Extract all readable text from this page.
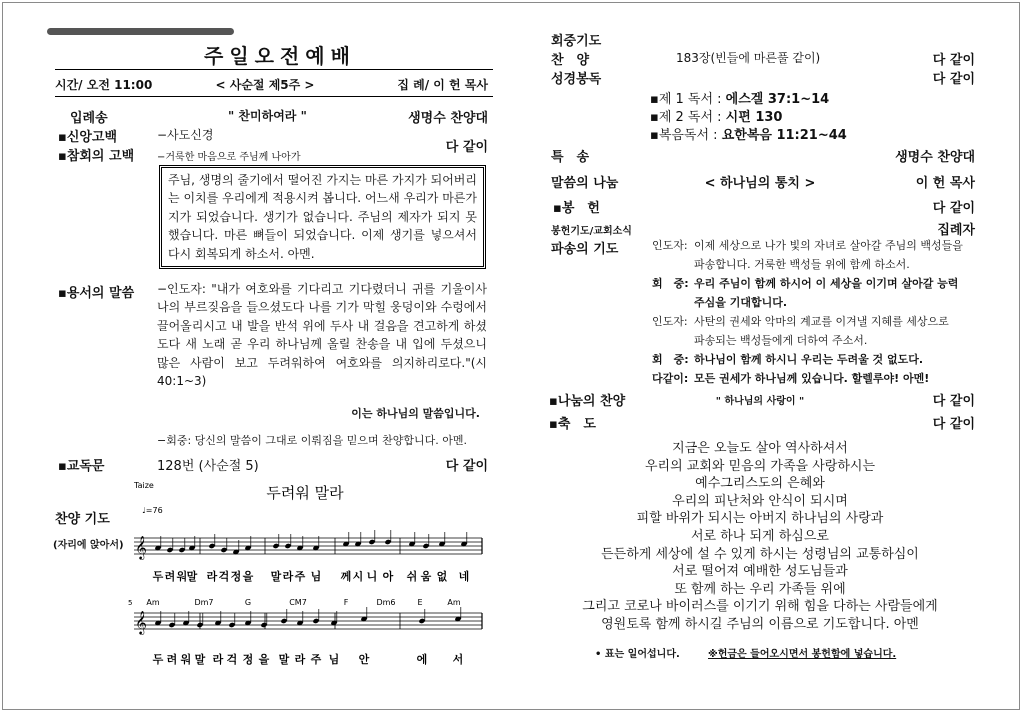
주일오전예배
시간/ 오전 11:00	< 사순절 제5주 >	집 례/ 이 헌 목사
입례송	" 찬미하여라 "	생명수 찬양대
▪신앙고백	−사도신경
▪참회의 고백 −거룩한 마음으로 주님께 나아가
다 같이
주님, 생명의 줄기에서 떨어진 가지는 마른 가지가 되어버리는 이치를 우리에게 적용시켜 봅니다. 어느새 우리가 마른가지가 되었습니다. 생기가 없습니다. 주님의 제자가 되지 못했습니다. 마른 뼈들이 되었습니다. 이제 생기를 넣으셔서 다시 회복되게 하소서. 아멘.
▪용서의 말씀 −인도자: "내가 여호와를 기다리고 기다렸더니 귀를 기울이사 나의 부르짖음을 들으셨도다 나를 기가 막힐 웅덩이와 수렁에서 끌어올리시고 내 발을 반석 위에 두사 내 걸음을 견고하게 하셨도다 새 노래 곧 우리 하나님께 올릴 찬송을 내 입에 두셨으니 많은 사람이 보고 두려워하여 여호와를 의지하리로다."(시 40:1~3)
이는 하나님의 말씀입니다.
−회중: 당신의 말씀이 그대로 이뤄짐을 믿으며 찬양합니다. 아멘.
▪교독문	128번 (사순절 5)	다 같이
찬양 기도
(자리에 앉아서)
Taize	두려워 말라
♩=76
𝄞
두 려 워 말 라 걱 정 을 말 라 주 님 께 시 니 아 쉬 움 없 네
5 Am	Dm7	G	CM7	F	Dm6	E	Am
𝄞
두 려 워 말 라 걱 정 을 말 라 주 님 안	에 서
회중기도
찬　양	183장(빈들에 마른풀 같이)	다 같이
성경봉독	다 같이
▪제 1 독서 : 에스겔 37:1~14
▪제 2 독서 : 시편 130
▪복음독서 : 요한복음 11:21~44
특　송	생명수 찬양대
말씀의 나눔	< 하나님의 통치 >	이 헌 목사
▪봉　헌	다 같이
봉헌기도/교회소식	집례자
파송의 기도	인도자: 이제 세상으로 나가 빛의 자녀로 살아갈 주님의 백성들을
파송합니다. 거룩한 백성들 위에 함께 하소서.
회　중: 우리 주님이 함께 하시어 이 세상을 이기며 살아갈 능력
주심을 기대합니다.
인도자: 사탄의 권세와 악마의 계교를 이겨낼 지혜를 세상으로
파송되는 백성들에게 더하여 주소서.
회　중: 하나님이 함께 하시니 우리는 두려울 것 없도다.
다같이: 모든 권세가 하나님께 있습니다. 할렐루야! 아멘!
▪나눔의 찬양	" 하나님의 사랑이 "	다 같이
▪축　도	다 같이
지금은 오늘도 살아 역사하셔서
우리의 교회와 믿음의 가족을 사랑하시는
예수그리스도의 은혜와
우리의 피난처와 안식이 되시며
피할 바위가 되시는 아버지 하나님의 사랑과
서로 하나 되게 하심으로
든든하게 세상에 설 수 있게 하시는 성령님의 교통하심이
서로 떨어져 예배한 성도님들과
또 함께 하는 우리 가족들 위에
그리고 코로나 바이러스를 이기기 위해 힘을 다하는 사람들에게
영원토록 함께 하시길 주님의 이름으로 기도합니다. 아멘
• 표는 일어섭니다.	※헌금은 들어오시면서 봉헌함에 넣습니다.
